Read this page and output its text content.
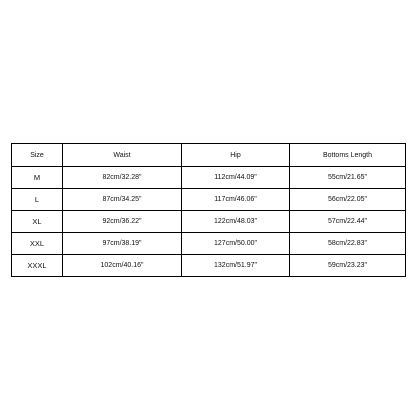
Size	Waist	Hip	Bottoms Length
M	82cm/32.28"	112cm/44.09"	55cm/21.65"
L	87cm/34.25"	117cm/46.06"	56cm/22.05"
XL	92cm/36.22"	122cm/48.03"	57cm/22.44"
XXL	97cm/38.19"	127cm/50.00"	58cm/22.83"
XXXL	102cm/40.16"	132cm/51.97"	59cm/23.23"
